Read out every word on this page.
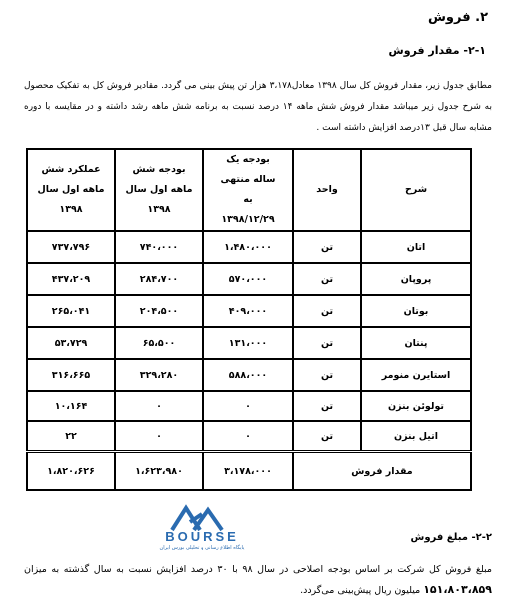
۲. فروش
۲-۱- مقدار فروش
مطابق جدول زیر، مقدار فروش کل سال ۱۳۹۸ معادل۳،۱۷۸ هزار تن پیش بینی می گردد. مقادیر فروش کل به تفکیک محصول به شرح جدول زیر میباشد مقدار فروش شش ماهه ۱۴ درصد نسبت به برنامه شش ماهه رشد داشته و در مقایسه با دوره مشابه سال قبل ۱۳درصد افزایش داشته است .
شرح	واحد	بودجه یک ساله منتهی به ۱۳۹۸/۱۲/۲۹	بودجه شش ماهه اول سال ۱۳۹۸	عملکرد شش ماهه اول سال ۱۳۹۸

اتان	تن	۱،۴۸۰،۰۰۰	۷۴۰،۰۰۰	۷۳۷،۷۹۶
پروپان	تن	۵۷۰،۰۰۰	۲۸۴،۷۰۰	۴۳۷،۲۰۹
بوتان	تن	۴۰۹،۰۰۰	۲۰۴،۵۰۰	۲۶۵،۰۴۱
پنتان	تن	۱۳۱،۰۰۰	۶۵،۵۰۰	۵۳،۷۲۹
استایرن منومر	تن	۵۸۸،۰۰۰	۳۲۹،۲۸۰	۳۱۶،۶۶۵
تولوئن بنزن	تن	۰	۰	۱۰،۱۶۴
اتیل بنزن	تن	۰	۰	۲۲
مقدار فروش		۳،۱۷۸،۰۰۰	۱،۶۲۳،۹۸۰	۱،۸۲۰،۶۲۶
BOURSE
پایگاه اطلاع رسانی و تحلیلی بورس ایران
۲-۲- مبلغ فروش
مبلغ فروش کل شرکت بر اساس بودجه اصلاحی در سال ۹۸ با ۳۰ درصد افزایش نسبت به سال گذشته به میزان ۱۵۱،۸۰۳،۸۵۹ میلیون ریال پیش‌بینی می‌گردد.
